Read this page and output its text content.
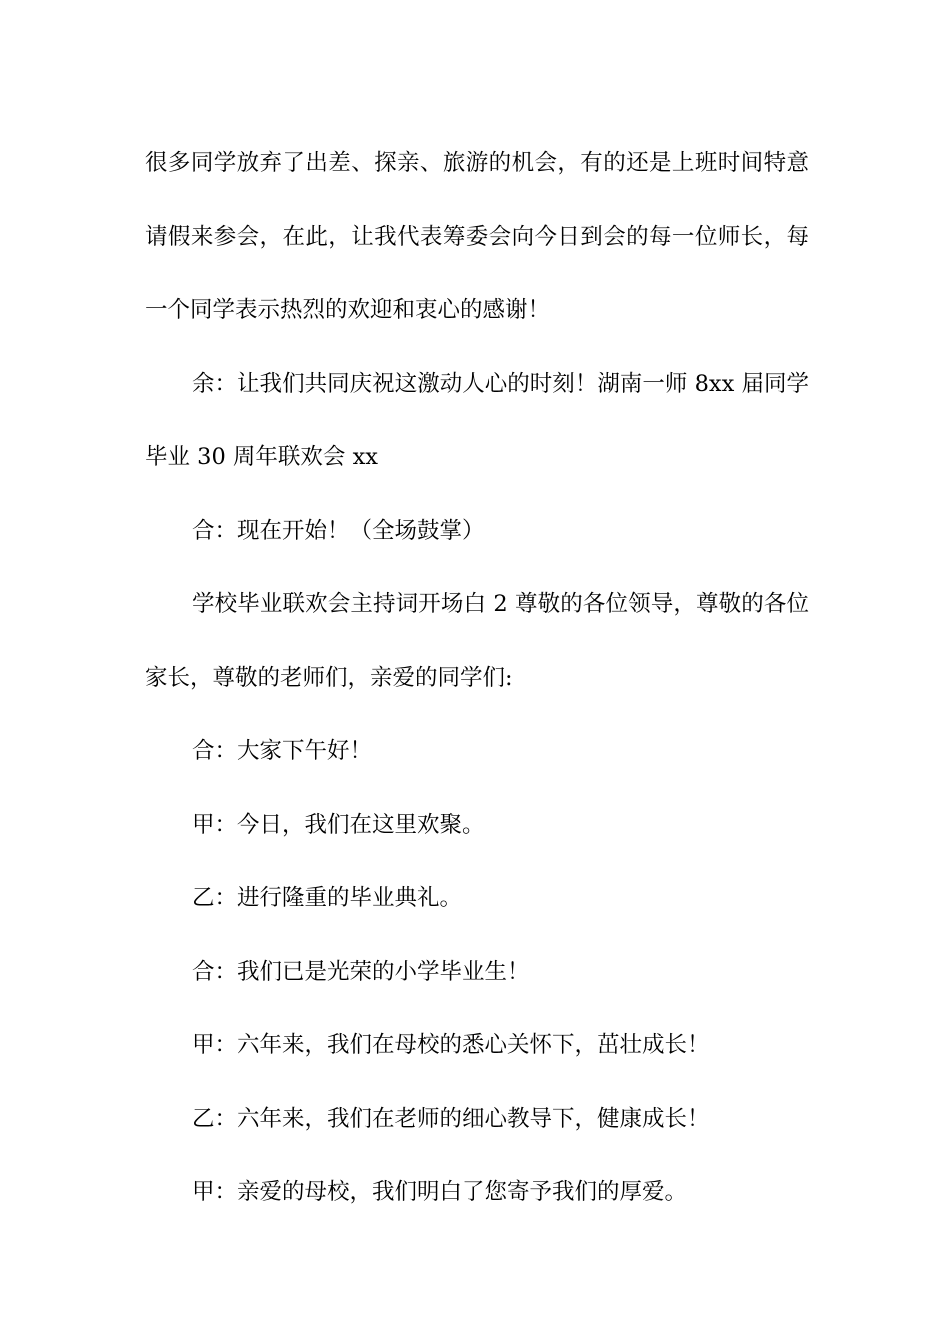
很多同学放弃了出差、探亲、旅游的机会，有的还是上班时间特意请假来参会，在此，让我代表筹委会向今日到会的每一位师长，每一个同学表示热烈的欢迎和衷心的感谢！

余：让我们共同庆祝这激动人心的时刻！湖南一师 8xx 届同学毕业 30 周年联欢会 xx

合：现在开始！（全场鼓掌）

学校毕业联欢会主持词开场白 2 尊敬的各位领导，尊敬的各位家长，尊敬的老师们，亲爱的同学们:

合：大家下午好！

甲：今日，我们在这里欢聚。

乙：进行隆重的毕业典礼。

合：我们已是光荣的小学毕业生！

甲：六年来，我们在母校的悉心关怀下，茁壮成长！

乙：六年来，我们在老师的细心教导下，健康成长！

甲：亲爱的母校，我们明白了您寄予我们的厚爱。
